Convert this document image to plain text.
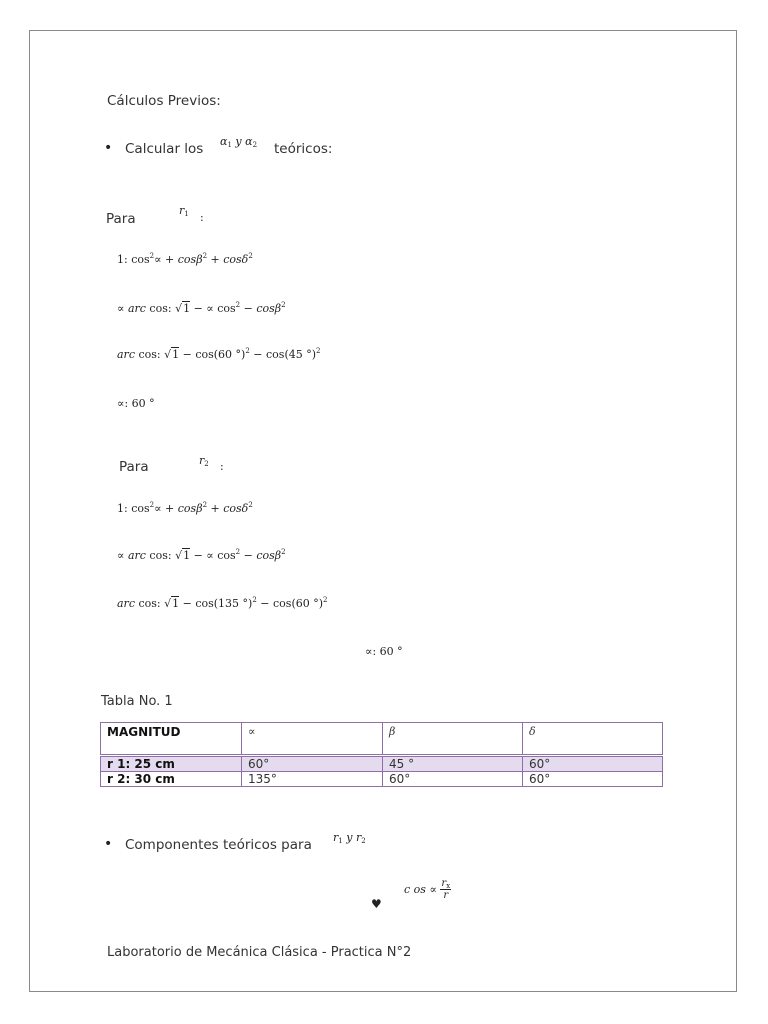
Cálculos Previos:
• Calcular los $\alpha_1$ y $\alpha_2$ teóricos:
Para
$r_1$ :
1: $\cos^2\propto + \cos\beta^2 + \cos\delta^2$
∝ arc cos: √1 − ∝ $\cos^2 - \cos\beta^2$
arc cos: √1 − cos(60 °)$^2$ − cos(45 °)$^2$
∝: 60 °
Para	$r_2$ :
1: $\cos^2\propto + \cos\beta^2 + \cos\delta^2$
∝ arc cos: √1 − ∝ $\cos^2 - \cos\beta^2$
arc cos: √1 − cos(135 °)$^2$ − cos(60 °)$^2$
∝: 60 °
Tabla No. 1
MAGNITUD	∝	β	δ
r 1: 25 cm	60°	45 °	60°
r 2: 30 cm	135°	60°	60°
• Componentes teóricos para $r_1$ y $r_2$
♥
c os ∝ $\frac{r_x}{r}$
Laboratorio de Mecánica Clásica - Practica N°2
